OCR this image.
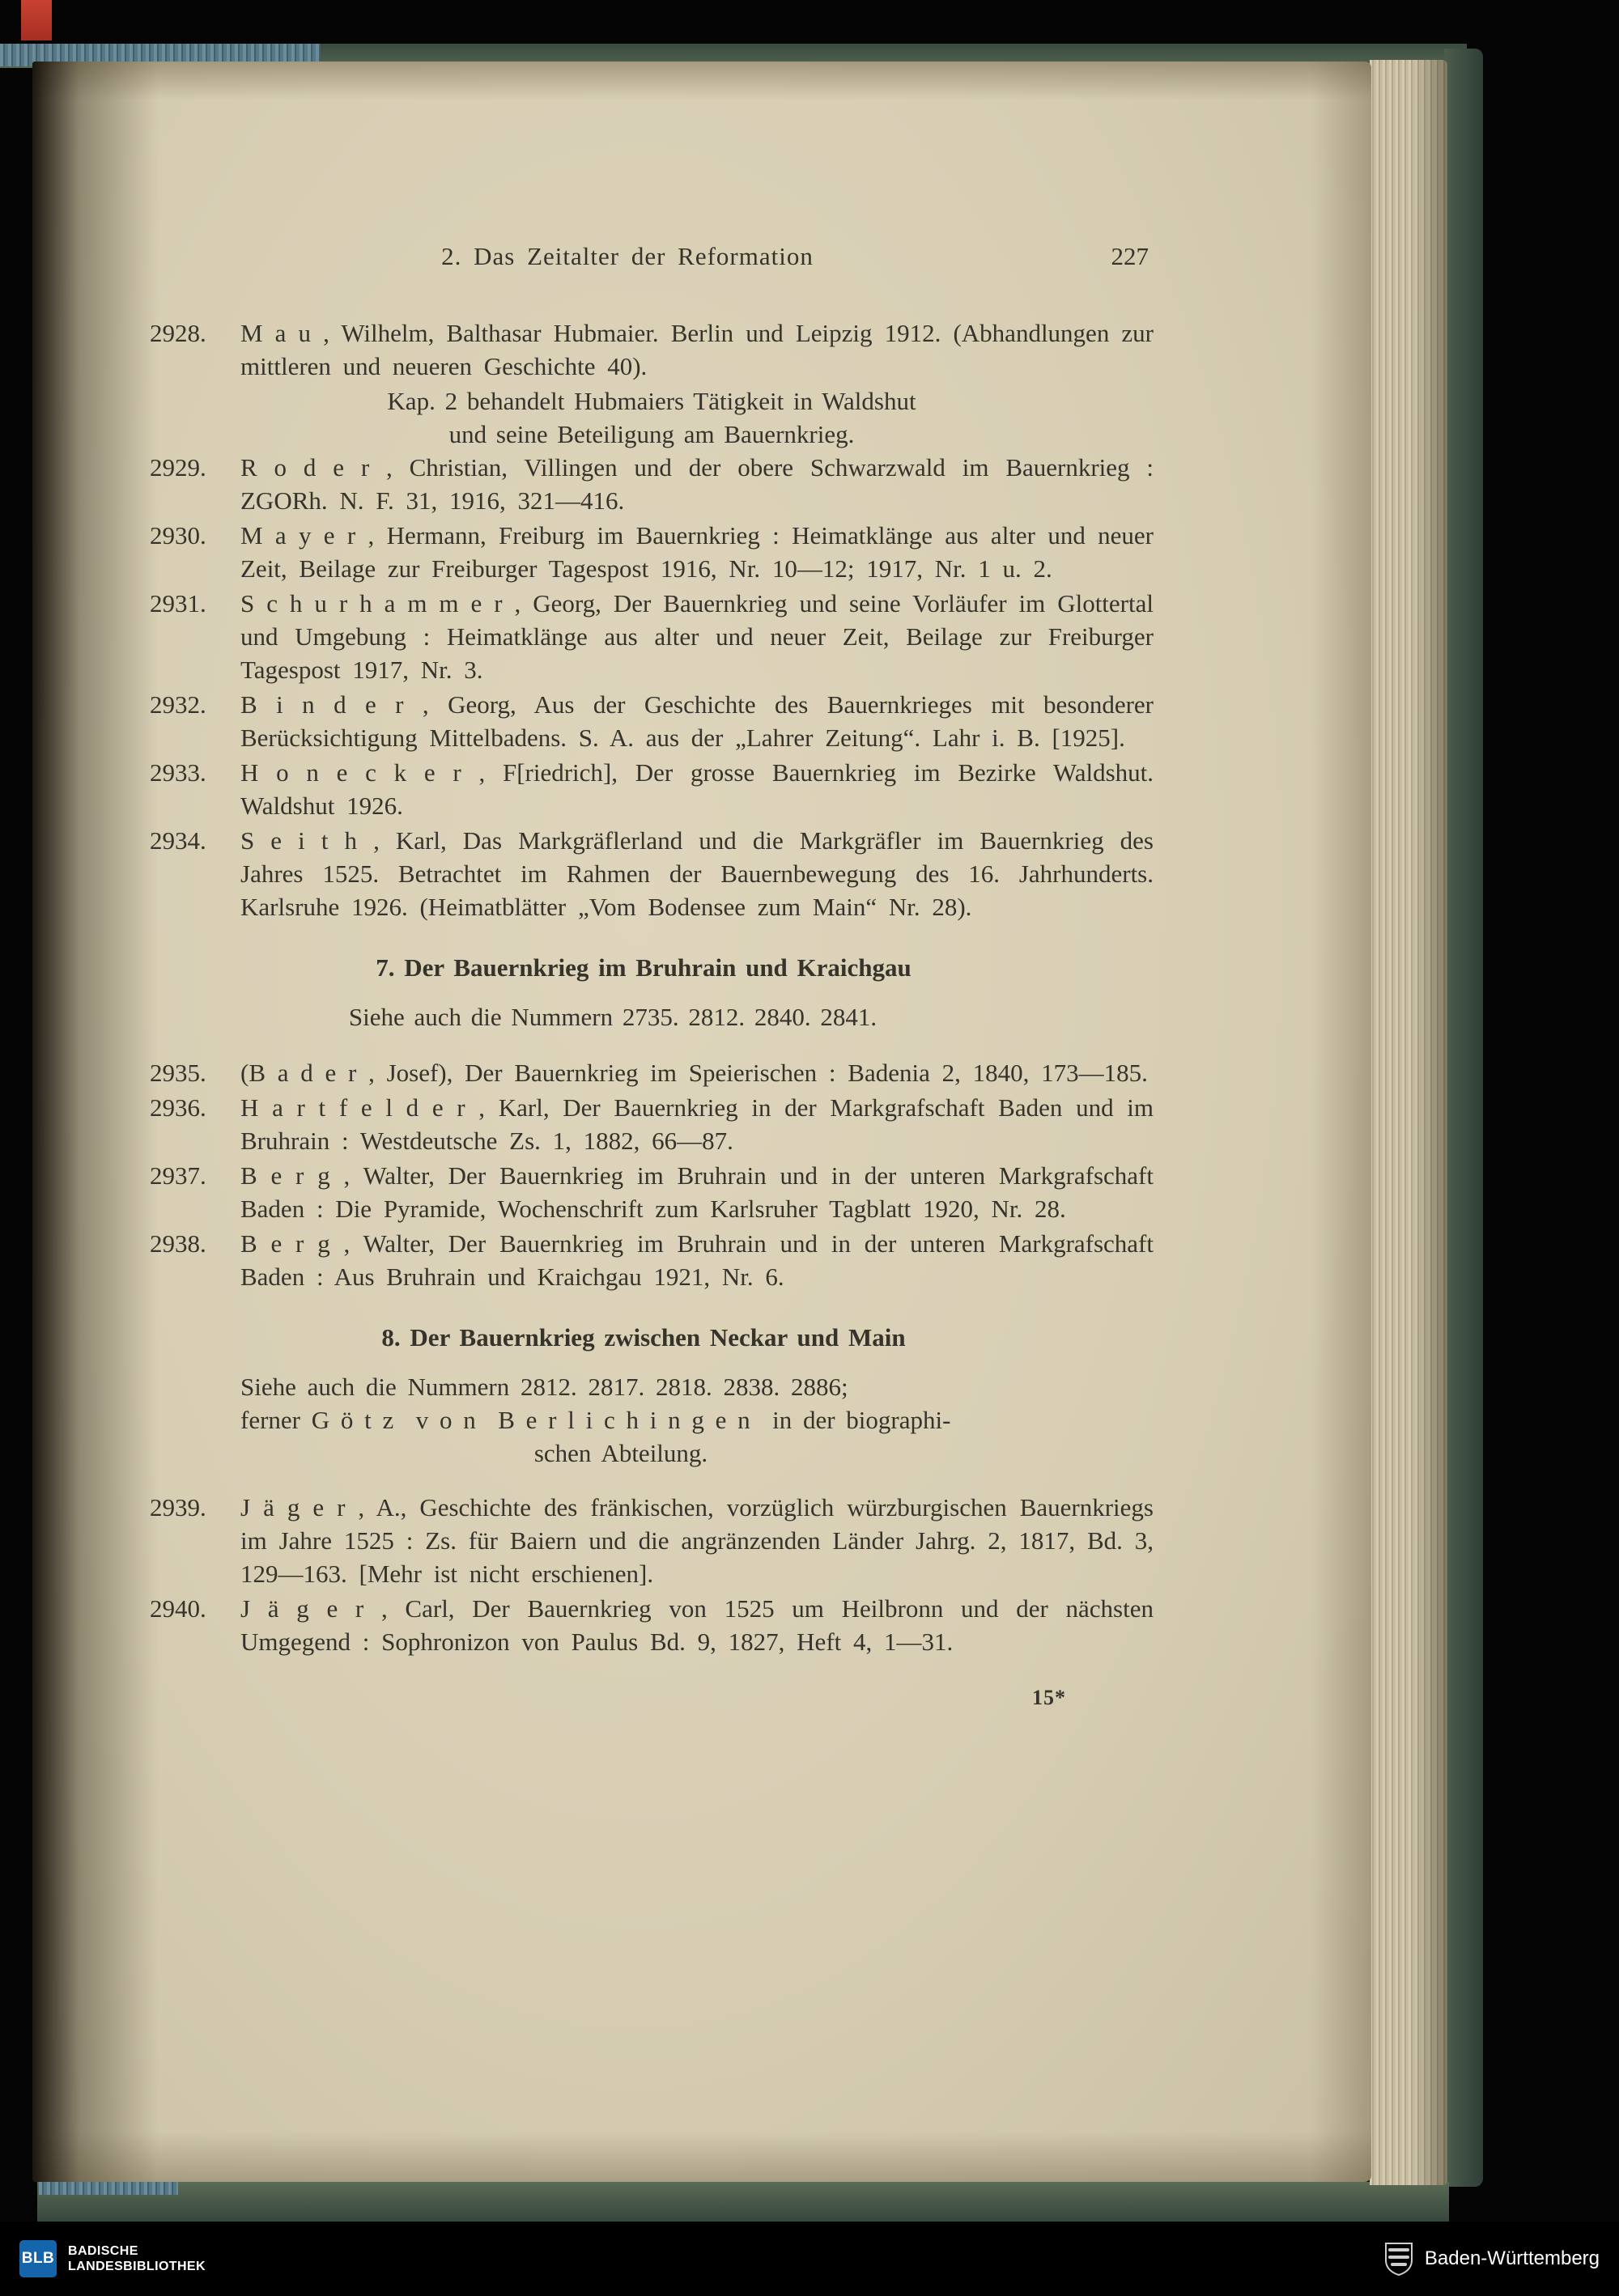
2. Das Zeitalter der Reformation	227
2928.	M a u , Wilhelm, Balthasar Hubmaier. Berlin und Leipzig 1912. (Abhandlungen zur mittleren und neueren Geschichte 40).
Kap. 2 behandelt Hubmaiers Tätigkeit in Waldshut
und seine Beteiligung am Bauernkrieg.
2929.	R o d e r , Christian, Villingen und der obere Schwarzwald im Bauernkrieg : ZGORh. N. F. 31, 1916, 321—416.
2930.	M a y e r , Hermann, Freiburg im Bauernkrieg : Heimatklänge aus alter und neuer Zeit, Beilage zur Freiburger Tagespost 1916, Nr. 10—12; 1917, Nr. 1 u. 2.
2931.	S c h u r h a m m e r , Georg, Der Bauernkrieg und seine Vorläufer im Glottertal und Umgebung : Heimatklänge aus alter und neuer Zeit, Beilage zur Freiburger Tagespost 1917, Nr. 3.
2932.	B i n d e r , Georg, Aus der Geschichte des Bauernkrieges mit besonderer Berücksichtigung Mittelbadens. S. A. aus der „Lahrer Zeitung“. Lahr i. B. [1925].
2933.	H o n e c k e r , F[riedrich], Der grosse Bauernkrieg im Bezirke Waldshut. Waldshut 1926.
2934.	S e i t h , Karl, Das Markgräflerland und die Markgräfler im Bauernkrieg des Jahres 1525. Betrachtet im Rahmen der Bauernbewegung des 16. Jahrhunderts. Karlsruhe 1926. (Heimatblätter „Vom Bodensee zum Main“ Nr. 28).
7. Der Bauernkrieg im Bruhrain und Kraichgau
Siehe auch die Nummern 2735. 2812. 2840. 2841.
2935.	(B a d e r , Josef), Der Bauernkrieg im Speierischen : Badenia 2, 1840, 173—185.
2936.	H a r t f e l d e r , Karl, Der Bauernkrieg in der Markgrafschaft Baden und im Bruhrain : Westdeutsche Zs. 1, 1882, 66—87.
2937.	B e r g , Walter, Der Bauernkrieg im Bruhrain und in der unteren Markgrafschaft Baden : Die Pyramide, Wochenschrift zum Karlsruher Tagblatt 1920, Nr. 28.
2938.	B e r g , Walter, Der Bauernkrieg im Bruhrain und in der unteren Markgrafschaft Baden : Aus Bruhrain und Kraichgau 1921, Nr. 6.
8. Der Bauernkrieg zwischen Neckar und Main
Siehe auch die Nummern 2812. 2817. 2818. 2838. 2886;
ferner G ö t z  v o n  B e r l i c h i n g e n  in der biographi-
schen Abteilung.
2939.	J ä g e r , A., Geschichte des fränkischen, vorzüglich würzburgischen Bauernkriegs im Jahre 1525 : Zs. für Baiern und die angränzenden Länder Jahrg. 2, 1817, Bd. 3, 129—163. [Mehr ist nicht erschienen].
2940.	J ä g e r , Carl, Der Bauernkrieg von 1525 um Heilbronn und der nächsten Umgegend : Sophronizon von Paulus Bd. 9, 1827, Heft 4, 1—31.
15*
BLB BADISCHE
LANDESBIBLIOTHEK	Baden-Württemberg
